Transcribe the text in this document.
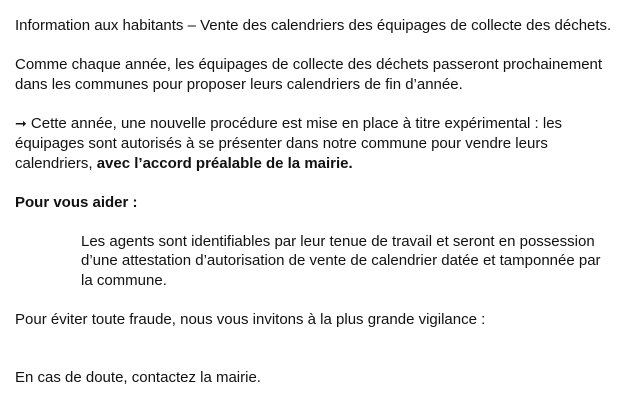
Information aux habitants – Vente des calendriers des équipages de collecte des déchets.

Comme chaque année, les équipages de collecte des déchets passeront prochainement dans les communes pour proposer leurs calendriers de fin d’année.

➞ Cette année, une nouvelle procédure est mise en place à titre expérimental : les équipages sont autorisés à se présenter dans notre commune pour vendre leurs calendriers, avec l’accord préalable de la mairie.

Pour vous aider :

Les agents sont identifiables par leur tenue de travail et seront en possession d’une attestation d’autorisation de vente de calendrier datée et tamponnée par la commune.

Pour éviter toute fraude, nous vous invitons à la plus grande vigilance :

En cas de doute, contactez la mairie.
